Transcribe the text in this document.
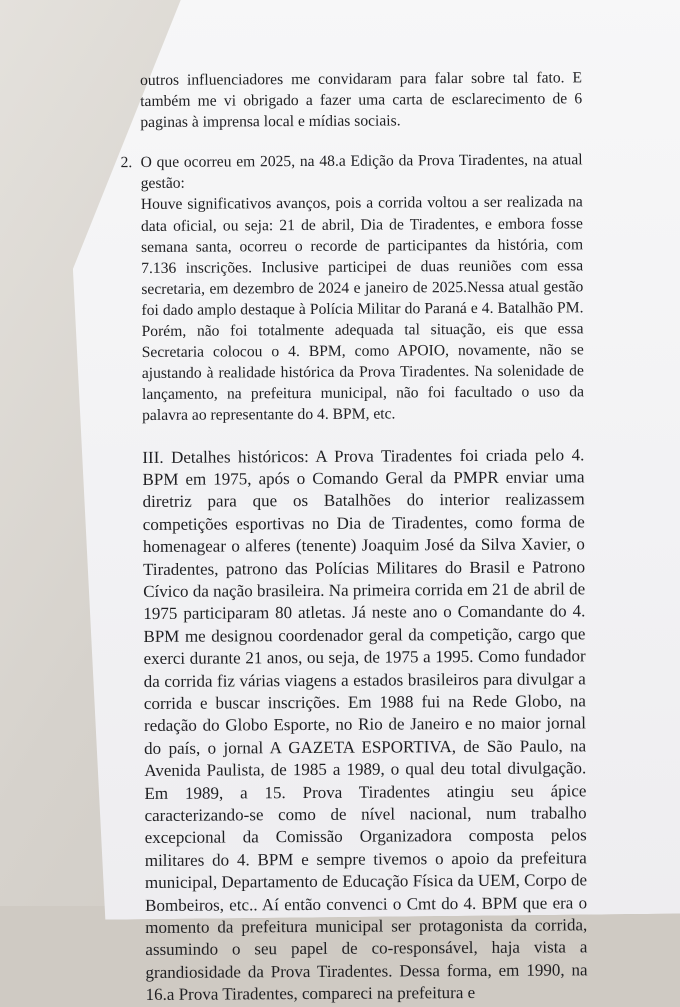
outros influenciadores me convidaram para falar sobre tal fato. E também me vi obrigado a fazer uma carta de esclarecimento de 6 paginas à imprensa local e mídias sociais.

2. O que ocorreu em 2025, na 48.a Edição da Prova Tiradentes, na atual gestão:

Houve significativos avanços, pois a corrida voltou a ser realizada na data oficial, ou seja: 21 de abril, Dia de Tiradentes, e embora fosse semana santa, ocorreu o recorde de participantes da história, com 7.136 inscrições. Inclusive participei de duas reuniões com essa secretaria, em dezembro de 2024 e janeiro de 2025.Nessa atual gestão foi dado amplo destaque à Polícia Militar do Paraná e 4. Batalhão PM. Porém, não foi totalmente adequada tal situação, eis que essa Secretaria colocou o 4. BPM, como APOIO, novamente, não se ajustando à realidade histórica da Prova Tiradentes. Na solenidade de lançamento, na prefeitura municipal, não foi facultado o uso da palavra ao representante do 4. BPM, etc.

III. Detalhes históricos: A Prova Tiradentes foi criada pelo 4. BPM em 1975, após o Comando Geral da PMPR enviar uma diretriz para que os Batalhões do interior realizassem competições esportivas no Dia de Tiradentes, como forma de homenagear o alferes (tenente) Joaquim José da Silva Xavier, o Tiradentes, patrono das Polícias Militares do Brasil e Patrono Cívico da nação brasileira. Na primeira corrida em 21 de abril de 1975 participaram 80 atletas. Já neste ano o Comandante do 4. BPM me designou coordenador geral da competição, cargo que exerci durante 21 anos, ou seja, de 1975 a 1995. Como fundador da corrida fiz várias viagens a estados brasileiros para divulgar a corrida e buscar inscrições. Em 1988 fui na Rede Globo, na redação do Globo Esporte, no Rio de Janeiro e no maior jornal do país, o jornal A GAZETA ESPORTIVA, de São Paulo, na Avenida Paulista, de 1985 a 1989, o qual deu total divulgação. Em 1989, a 15. Prova Tiradentes atingiu seu ápice caracterizando-se como de nível nacional, num trabalho excepcional da Comissão Organizadora composta pelos militares do 4. BPM e sempre tivemos o apoio da prefeitura municipal, Departamento de Educação Física da UEM, Corpo de Bombeiros, etc.. Aí então convenci o Cmt do 4. BPM que era o momento da prefeitura municipal ser protagonista da corrida, assumindo o seu papel de co-responsável, haja vista a grandiosidade da Prova Tiradentes. Dessa forma, em 1990, na 16.a Prova Tiradentes, compareci na prefeitura e
